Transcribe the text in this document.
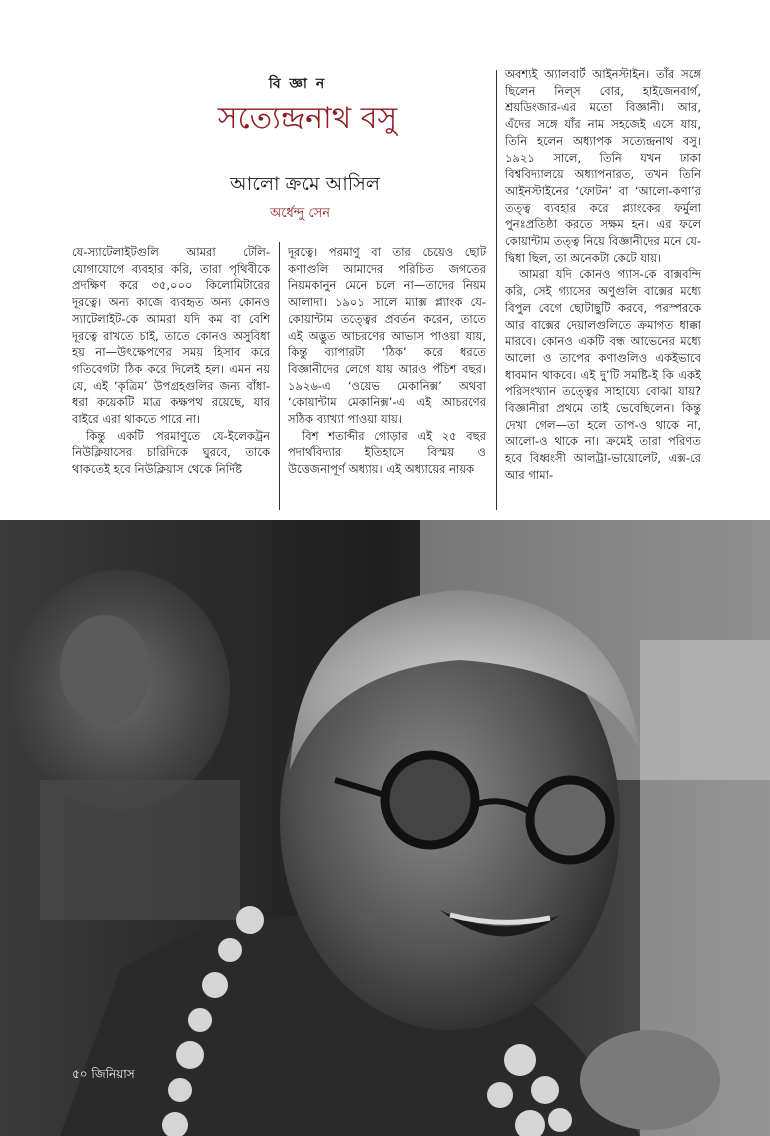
বি জ্ঞা ন
সত্যেন্দ্রনাথ বসু
আলো ক্রমে আসিল
অর্ধেন্দু সেন

যে-স্যাটেলাইটগুলি আমরা টেলি-যোগাযোগে ব্যবহার করি, তারা পৃথিবীকে প্রদক্ষিণ করে ৩৫,০০০ কিলোমিটারের দূরত্বে। অন্য কাজে ব্যবহৃত অন্য কোনও স্যাটেলাইট-কে আমরা যদি কম বা বেশি দূরত্বে রাখতে চাই, তাতে কোনও অসুবিধা হয় না—উৎক্ষেপণের সময় হিসাব করে গতিবেগটা ঠিক করে দিলেই হল। এমন নয় যে, এই ‘কৃত্রিম’ উপগ্রহগুলির জন্য বাঁধা-ধরা কয়েকটি মাত্র কক্ষপথ রয়েছে, যার বাইরে এরা থাকতে পারে না।

কিন্তু একটি পরমাণুতে যে-ইলেকট্রন নিউক্লিয়াসের চারিদিকে ঘুরবে, তাকে থাকতেই হবে নিউক্লিয়াস থেকে নির্দিষ্ট

দূরত্বে। পরমাণু বা তার চেয়েও ছোট কণাগুলি আমাদের পরিচিত জগতের নিয়মকানুন মেনে চলে না—তাদের নিয়ম আলাদা। ১৯০১ সালে ম্যাক্স প্ল্যাংক যে-কোয়ান্টাম তত্ত্বের প্রবর্তন করেন, তাতে এই অদ্ভুত আচরণের আভাস পাওয়া যায়, কিন্তু ব্যাপারটা ‘ঠিক’ করে ধরতে বিজ্ঞানীদের লেগে যায় আরও পঁচিশ বছর। ১৯২৬-এ ‘ওয়েভ মেকানিক্স’ অথবা ‘কোয়ান্টাম মেকানিক্স’-এ এই আচরণের সঠিক ব্যাখ্যা পাওয়া যায়।

বিশ শতাব্দীর গোড়ার এই ২৫ বছর পদার্থবিদ্যার ইতিহাসে বিস্ময় ও উত্তেজনাপূর্ণ অধ্যায়। এই অধ্যায়ের নায়ক

অবশ্যই অ্যালবার্ট আইনস্টাইন। তাঁর সঙ্গে ছিলেন নিল্‌স বোর, হাইজেনবার্গ, শ্রয়ডিংজার-এর মতো বিজ্ঞানী। আর, এঁদের সঙ্গে যাঁর নাম সহজেই এসে যায়, তিনি হলেন অধ্যাপক সত্যেন্দ্রনাথ বসু। ১৯২১ সালে, তিনি যখন ঢাকা বিশ্ববিদ্যালয়ে অধ্যাপনারত, তখন তিনি আইনস্টাইনের ‘ফোটন’ বা ‘আলো-কণা’র তত্ত্ব ব্যবহার করে প্ল্যাংকের ফর্মুলা পুনঃপ্রতিষ্ঠা করতে সক্ষম হন। এর ফলে কোয়ান্টাম তত্ত্ব নিয়ে বিজ্ঞানীদের মনে যে-দ্বিধা ছিল, তা অনেকটা কেটে যায়।

আমরা যদি কোনও গ্যাস-কে বাক্সবন্দি করি, সেই গ্যাসের অণুগুলি বাক্সের মধ্যে বিপুল বেগে ছোটাছুটি করবে, পরস্পরকে আর বাক্সের দেয়ালগুলিতে ক্রমাগত ধাক্কা মারবে। কোনও একটি বন্ধ আভেনের মধ্যে আলো ও তাপের কণাগুলিও একইভাবে ধাবমান থাকবে। এই দু’টি সমষ্টি-ই কি একই পরিসংখ্যান তত্ত্বের সাহায্যে বোঝা যায়? বিজ্ঞানীরা প্রথমে তাই ভেবেছিলেন। কিন্তু দেখা গেল—তা হলে তাপ-ও থাকে না, আলো-ও থাকে না। ক্রমেই তারা পরিণত হবে বিধ্বংসী আলট্রা-ভায়োলেট, এক্স-রে আর গামা-

৫০ জিনিয়াস
